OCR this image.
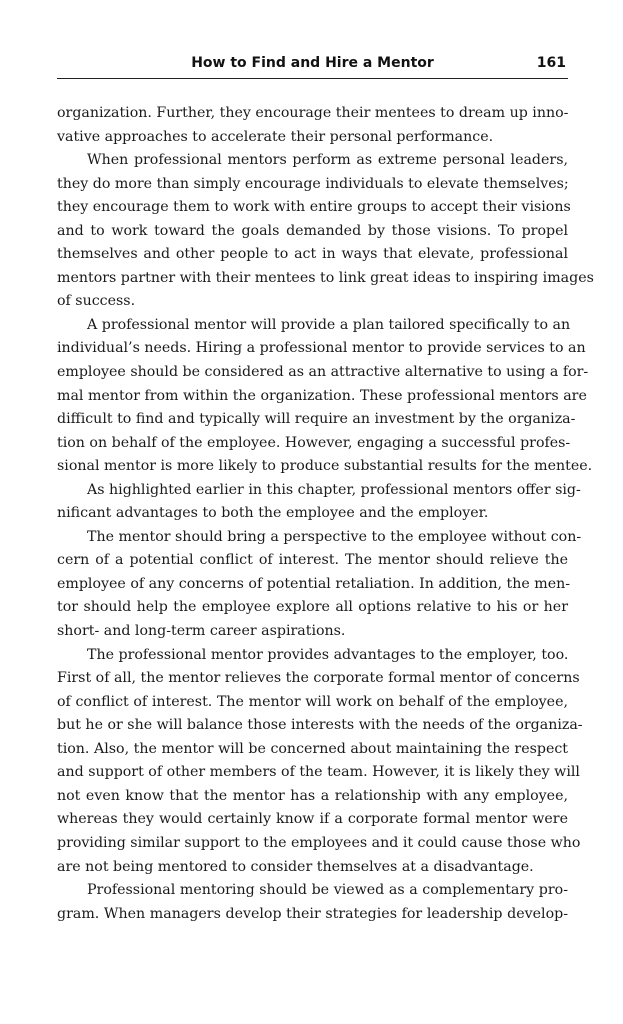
How to Find and Hire a Mentor	161
organization. Further, they encourage their mentees to dream up inno-
vative approaches to accelerate their personal performance.
When professional mentors perform as extreme personal leaders,
they do more than simply encourage individuals to elevate themselves;
they encourage them to work with entire groups to accept their visions
and to work toward the goals demanded by those visions. To propel
themselves and other people to act in ways that elevate, professional
mentors partner with their mentees to link great ideas to inspiring images
of success.
A professional mentor will provide a plan tailored specifically to an
individual’s needs. Hiring a professional mentor to provide services to an
employee should be considered as an attractive alternative to using a for-
mal mentor from within the organization. These professional mentors are
difficult to find and typically will require an investment by the organiza-
tion on behalf of the employee. However, engaging a successful profes-
sional mentor is more likely to produce substantial results for the mentee.
As highlighted earlier in this chapter, professional mentors offer sig-
nificant advantages to both the employee and the employer.
The mentor should bring a perspective to the employee without con-
cern of a potential conflict of interest. The mentor should relieve the
employee of any concerns of potential retaliation. In addition, the men-
tor should help the employee explore all options relative to his or her
short- and long-term career aspirations.
The professional mentor provides advantages to the employer, too.
First of all, the mentor relieves the corporate formal mentor of concerns
of conflict of interest. The mentor will work on behalf of the employee,
but he or she will balance those interests with the needs of the organiza-
tion. Also, the mentor will be concerned about maintaining the respect
and support of other members of the team. However, it is likely they will
not even know that the mentor has a relationship with any employee,
whereas they would certainly know if a corporate formal mentor were
providing similar support to the employees and it could cause those who
are not being mentored to consider themselves at a disadvantage.
Professional mentoring should be viewed as a complementary pro-
gram. When managers develop their strategies for leadership develop-
